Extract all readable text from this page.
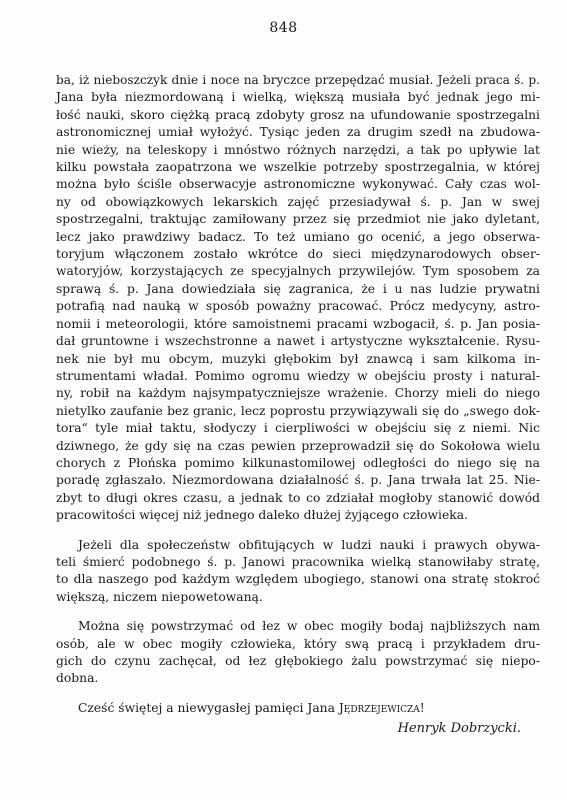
848

ba, iż nieboszczyk dnie i noce na bryczce przepędzać musiał. Jeżeli praca ś. p.
Jana była niezmordowaną i wielką, większą musiała być jednak jego mi-
łość nauki, skoro ciężką pracą zdobyty grosz na ufundowanie spostrzegalni
astronomicznej umiał wyłożyć. Tysiąc jeden za drugim szedł na zbudowa-
nie wieży, na teleskopy i mnóstwo różnych narzędzi, a tak po upływie lat
kilku powstała zaopatrzona we wszelkie potrzeby spostrzegalnia, w której
można było ściśle obserwacyje astronomiczne wykonywać. Cały czas wol-
ny od obowiązkowych lekarskich zajęć przesiadywał ś. p. Jan w swej
spostrzegalni, traktując zamiłowany przez się przedmiot nie jako dyletant,
lecz jako prawdziwy badacz. To też umiano go ocenić, a jego obserwa-
toryjum włączonem zostało wkrótce do sieci międzynarodowych obser-
watoryjów, korzystających ze specyjalnych przywilejów. Tym sposobem za
sprawą ś. p. Jana dowiedziała się zagranica, że i u nas ludzie prywatni
potrafią nad nauką w sposób poważny pracować. Prócz medycyny, astro-
nomii i meteorologii, które samoistnemi pracami wzbogacił, ś. p. Jan posia-
dał gruntowne i wszechstronne a nawet i artystyczne wykształcenie. Rysu-
nek nie był mu obcym, muzyki głębokim był znawcą i sam kilkoma in-
strumentami władał. Pomimo ogromu wiedzy w obejściu prosty i natural-
ny, robił na każdym najsympatyczniejsze wrażenie. Chorzy mieli do niego
nietylko zaufanie bez granic, lecz poprostu przywiązywali się do „swego dok-
tora“ tyle miał taktu, słodyczy i cierpliwości w obejściu się z niemi. Nic
dziwnego, że gdy się na czas pewien przeprowadził się do Sokołowa wielu
chorych z Płońska pomimo kilkunastomilowej odległości do niego się na
poradę zgłaszało. Niezmordowana działalność ś. p. Jana trwała lat 25. Nie-
zbyt to długi okres czasu, a jednak to co zdziałał mogłoby stanowić dowód
pracowitości więcej niż jednego daleko dłużej żyjącego człowieka.

Jeżeli dla społeczeństw obfitujących w ludzi nauki i prawych obywa-
teli śmierć podobnego ś. p. Janowi pracownika wielką stanowiłaby stratę,
to dla naszego pod każdym względem ubogiego, stanowi ona stratę stokroć
większą, niczem niepowetowaną.

Można się powstrzymać od łez w obec mogiły bodaj najbliższych nam
osób, ale w obec mogiły człowieka, który swą pracą i przykładem dru-
gich do czynu zachęcał, od łez głębokiego żalu powstrzymać się niepo-
dobna.

Cześć świętej a niewygasłej pamięci Jana Jędrzejewicza!

Henryk Dobrzycki.
